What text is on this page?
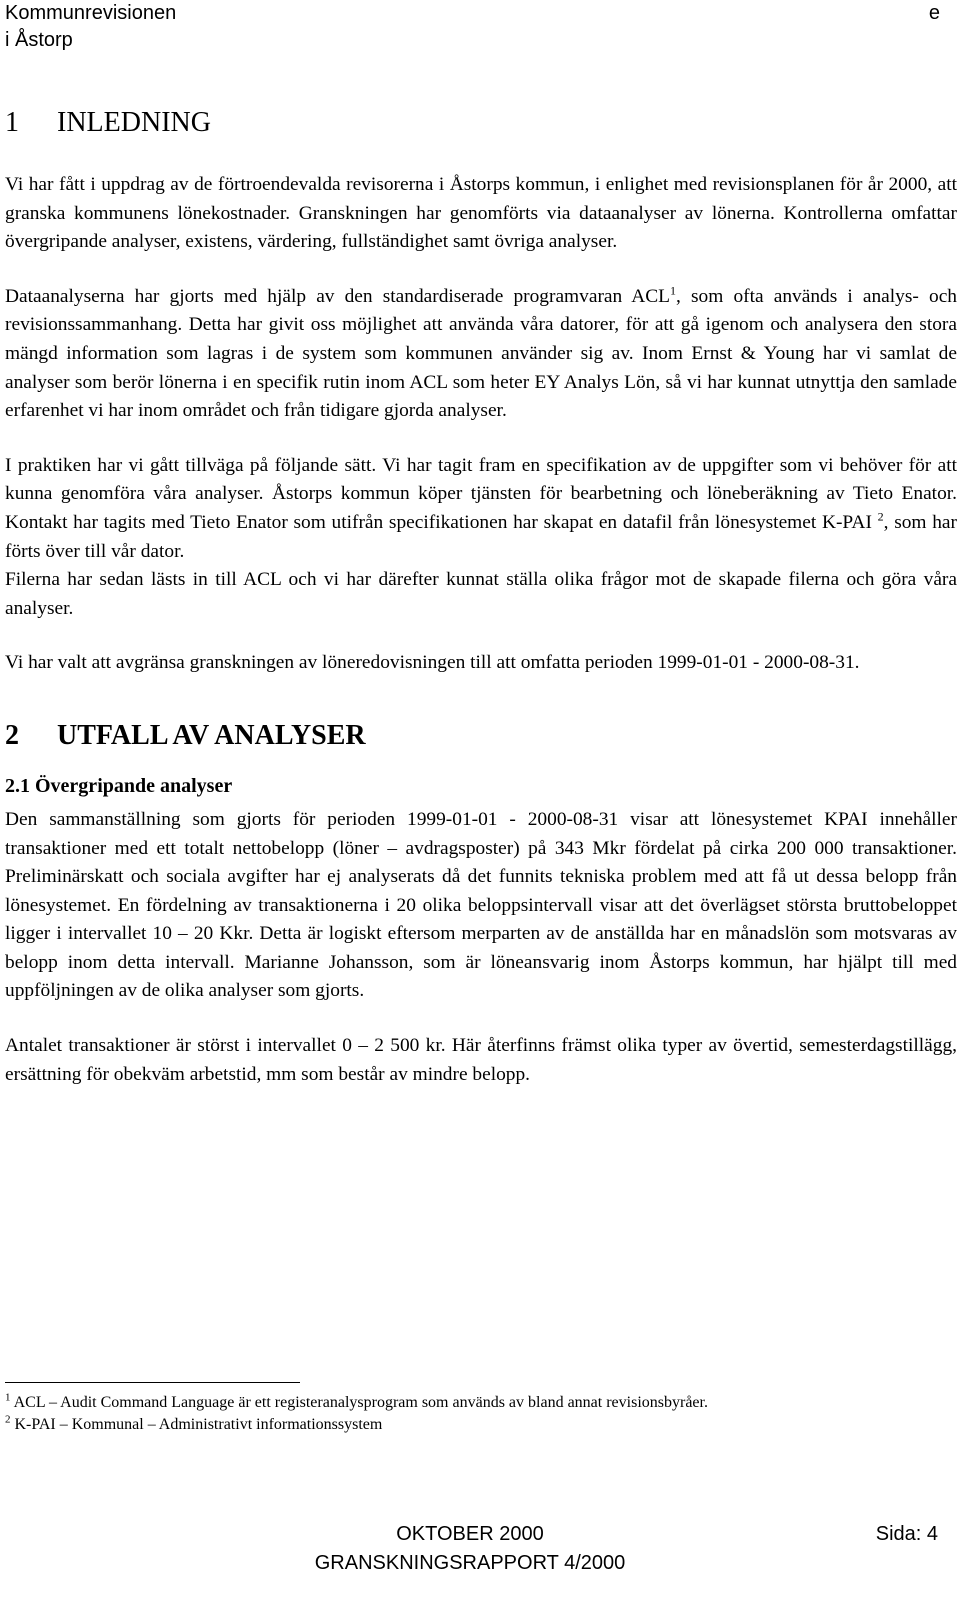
Kommunrevisionen
i Åstorp
e
1 INLEDNING

Vi har fått i uppdrag av de förtroendevalda revisorerna i Åstorps kommun, i enlighet med revisionsplanen för år 2000, att granska kommunens lönekostnader. Granskningen har genomförts via dataanalyser av lönerna. Kontrollerna omfattar övergripande analyser, existens, värdering, fullständighet samt övriga analyser.

Dataanalyserna har gjorts med hjälp av den standardiserade programvaran ACL$^1$, som ofta används i analys- och revisionssammanhang. Detta har givit oss möjlighet att använda våra datorer, för att gå igenom och analysera den stora mängd information som lagras i de system som kommunen använder sig av. Inom Ernst & Young har vi samlat de analyser som berör lönerna i en specifik rutin inom ACL som heter EY Analys Lön, så vi har kunnat utnyttja den samlade erfarenhet vi har inom området och från tidigare gjorda analyser.

I praktiken har vi gått tillväga på följande sätt. Vi har tagit fram en specifikation av de uppgifter som vi behöver för att kunna genomföra våra analyser. Åstorps kommun köper tjänsten för bearbetning och löneberäkning av Tieto Enator. Kontakt har tagits med Tieto Enator som utifrån specifikationen har skapat en datafil från lönesystemet K-PAI $^2$, som har förts över till vår dator.

Filerna har sedan lästs in till ACL och vi har därefter kunnat ställa olika frågor mot de skapade filerna och göra våra analyser.

Vi har valt att avgränsa granskningen av löneredovisningen till att omfatta perioden 1999-01-01 - 2000-08-31.

2 UTFALL AV ANALYSER
2.1 Övergripande analyser

Den sammanställning som gjorts för perioden 1999-01-01 - 2000-08-31 visar att lönesystemet KPAI innehåller transaktioner med ett totalt nettobelopp (löner – avdragsposter) på 343 Mkr fördelat på cirka 200 000 transaktioner. Preliminärskatt och sociala avgifter har ej analyserats då det funnits tekniska problem med att få ut dessa belopp från lönesystemet. En fördelning av transaktionerna i 20 olika beloppsintervall visar att det överlägset största bruttobeloppet ligger i intervallet 10 – 20 Kkr. Detta är logiskt eftersom merparten av de anställda har en månadslön som motsvaras av belopp inom detta intervall. Marianne Johansson, som är löneansvarig inom Åstorps kommun, har hjälpt till med uppföljningen av de olika analyser som gjorts.

Antalet transaktioner är störst i intervallet 0 – 2 500 kr. Här återfinns främst olika typer av övertid, semesterdagstillägg, ersättning för obekväm arbetstid, mm som består av mindre belopp.

$^1$ ACL – Audit Command Language är ett registeranalysprogram som används av bland annat revisionsbyråer.
$^2$ K-PAI – Kommunal – Administrativt informationssystem
OKTOBER 2000
GRANSKNINGSRAPPORT 4/2000
Sida: 4
